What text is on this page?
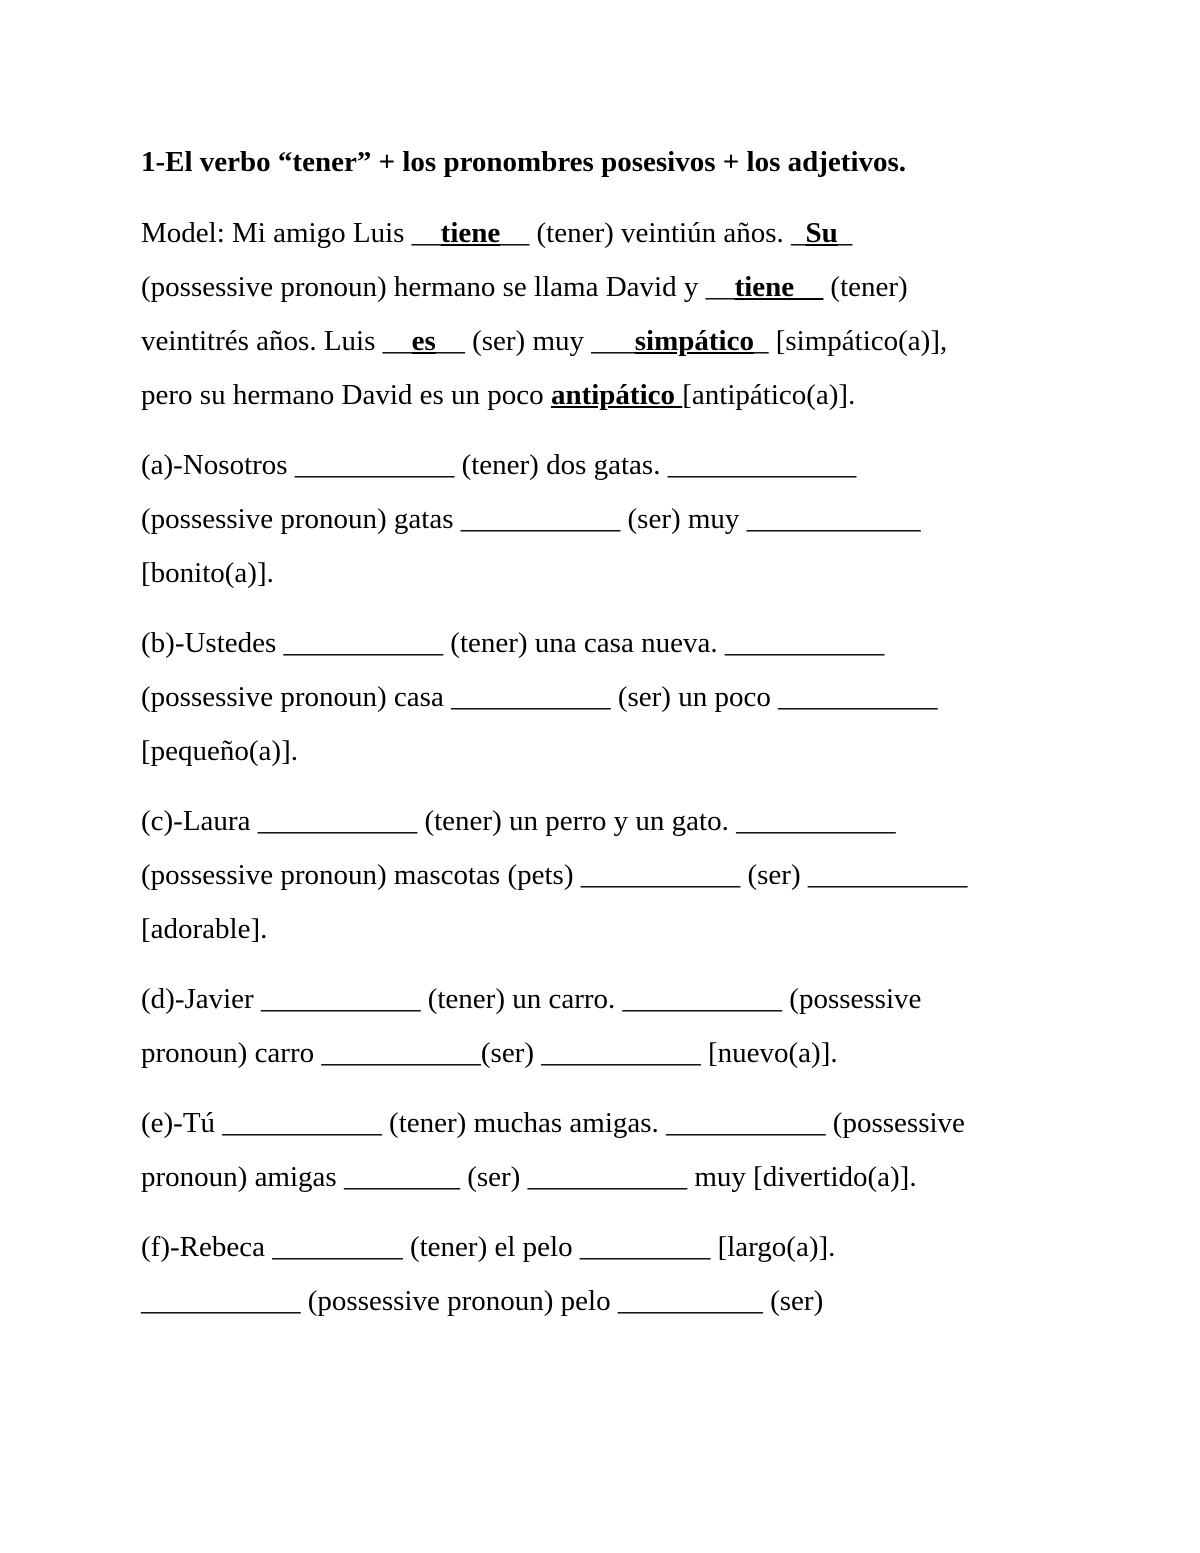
1-El verbo “tener” + los pronombres posesivos + los adjetivos.
Model: Mi amigo Luis __tiene__ (tener) veintiún años. _Su_
(possessive pronoun) hermano se llama David y __tiene__ (tener)
veintitrés años. Luis __es__ (ser) muy ___simpático_ [simpático(a)],
pero su hermano David es un poco antipático [antipático(a)].
(a)-Nosotros ___________ (tener) dos gatas. _____________
(possessive pronoun) gatas ___________ (ser) muy ____________
[bonito(a)].
(b)-Ustedes ___________ (tener) una casa nueva. ___________
(possessive pronoun) casa ___________ (ser) un poco ___________
[pequeño(a)].
(c)-Laura ___________ (tener) un perro y un gato. ___________
(possessive pronoun) mascotas (pets) ___________ (ser) ___________
[adorable].
(d)-Javier ___________ (tener) un carro. ___________ (possessive
pronoun) carro ___________(ser) ___________ [nuevo(a)].
(e)-Tú ___________ (tener) muchas amigas. ___________ (possessive
pronoun) amigas ________ (ser) ___________ muy [divertido(a)].
(f)-Rebeca _________ (tener) el pelo _________ [largo(a)].
___________ (possessive pronoun) pelo __________ (ser)
